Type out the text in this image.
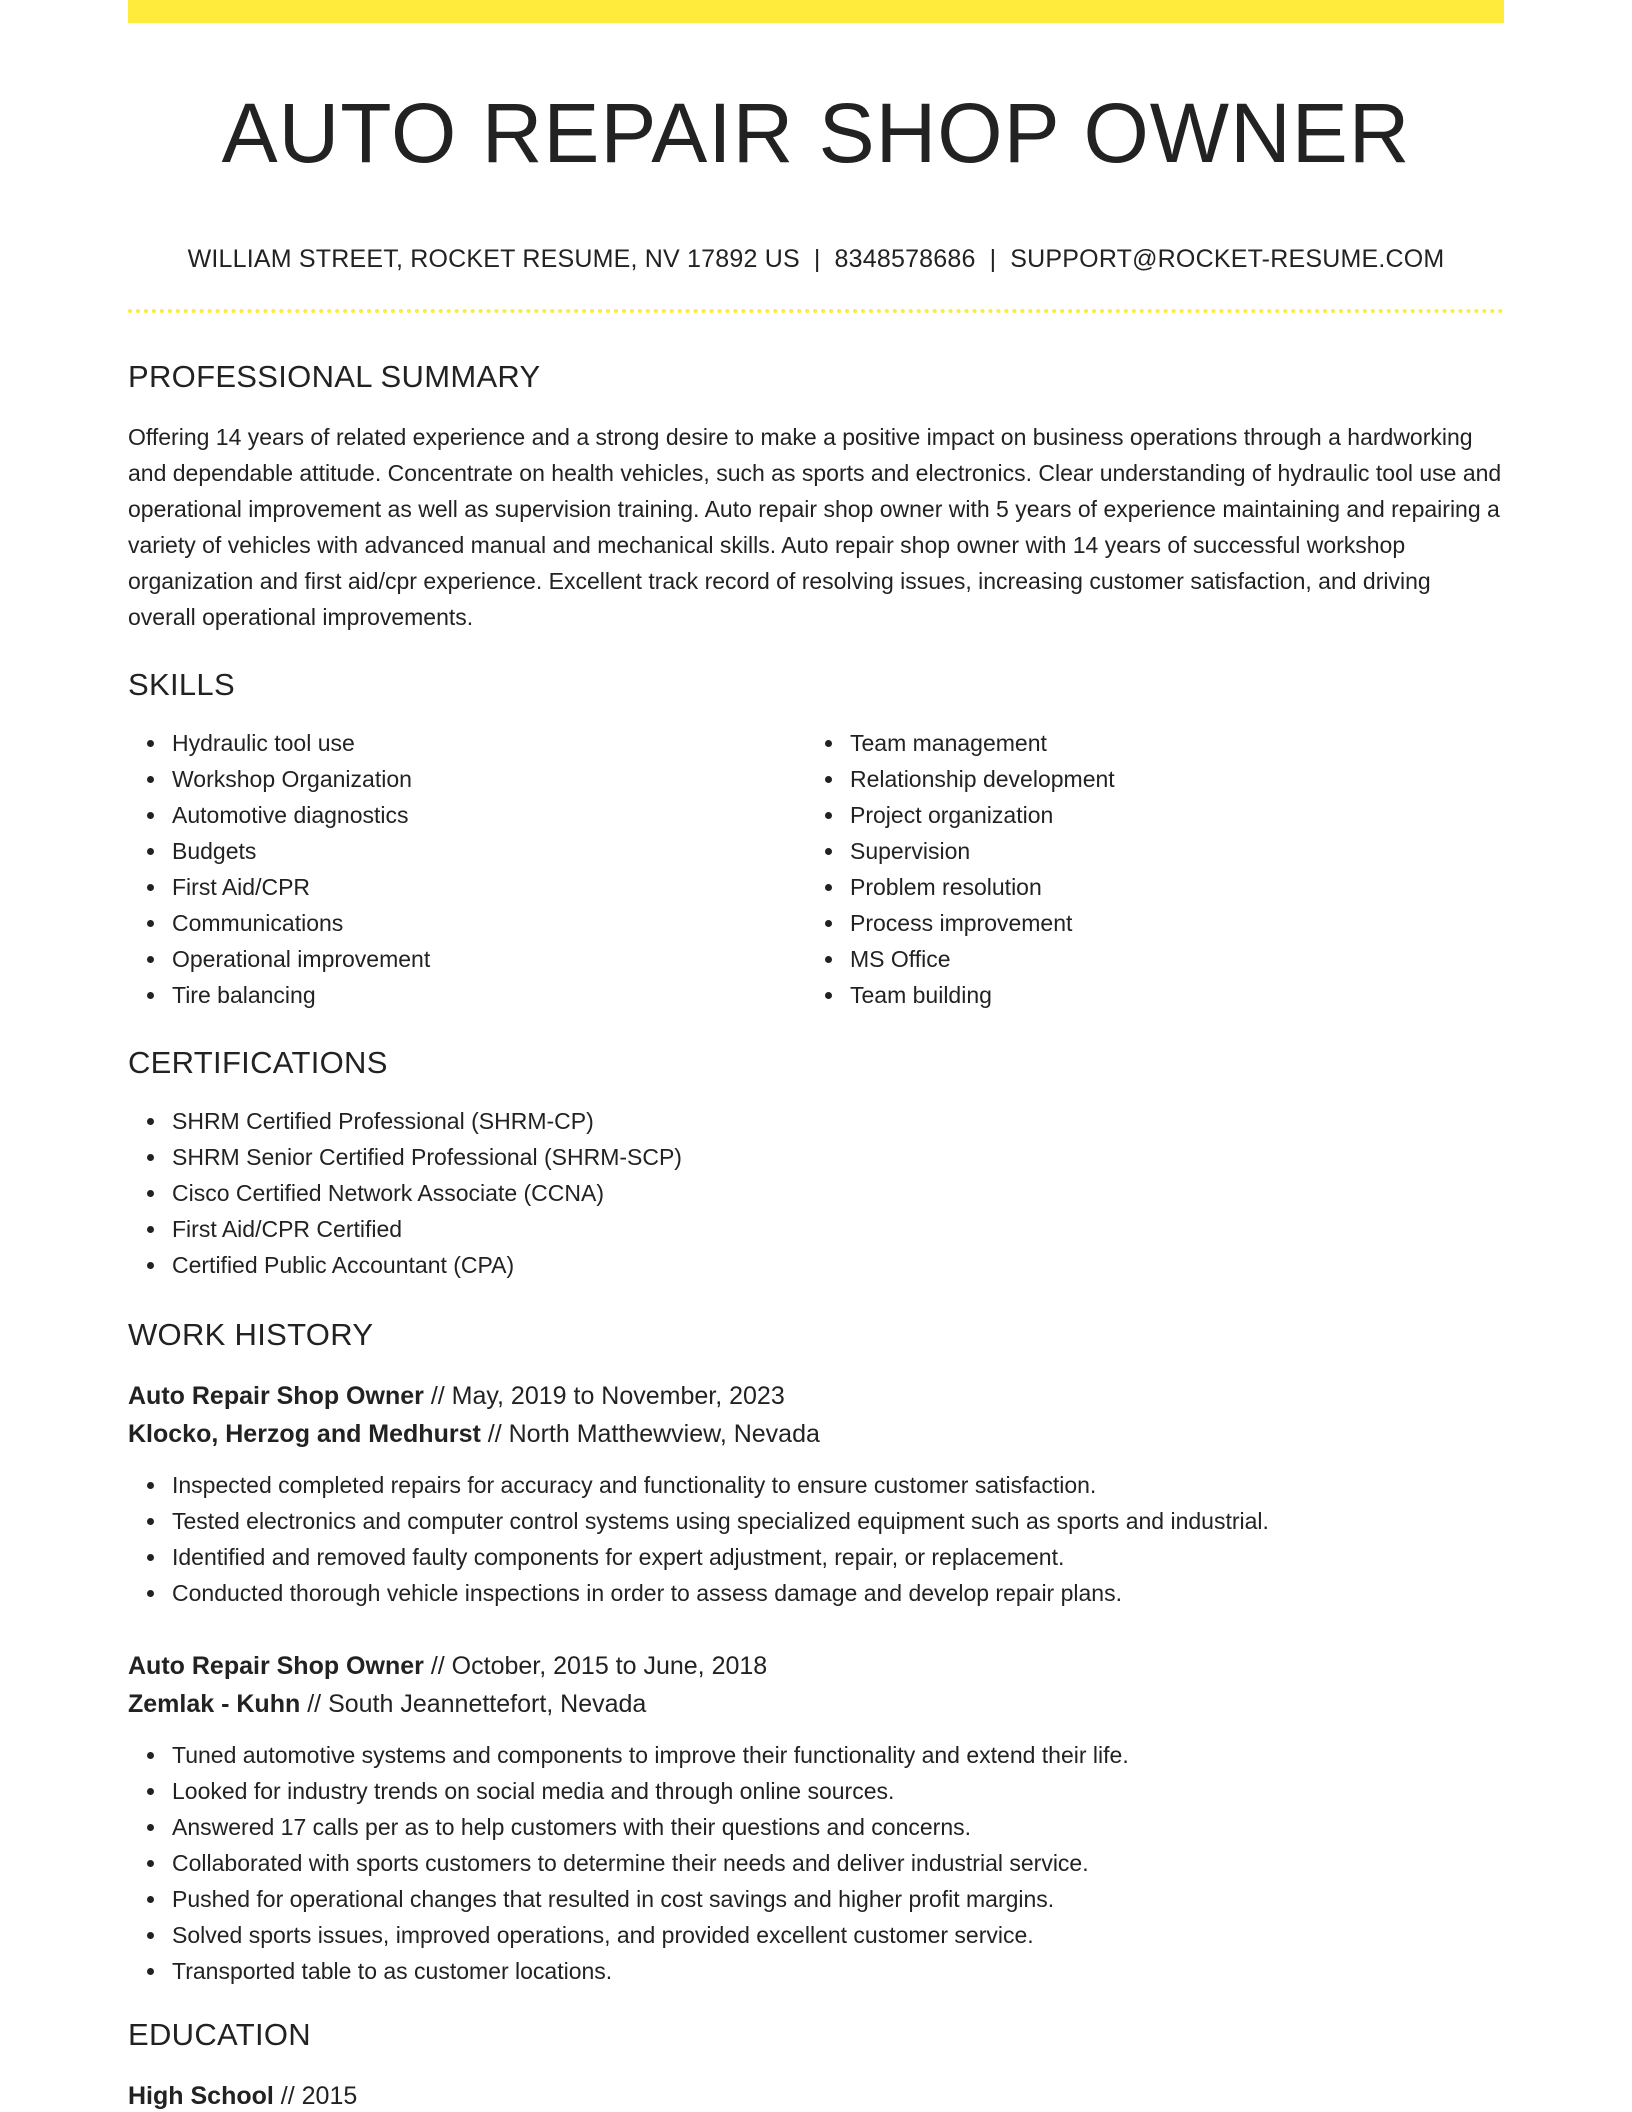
AUTO REPAIR SHOP OWNER
WILLIAM STREET, ROCKET RESUME, NV 17892 US | 8348578686 | SUPPORT@ROCKET-RESUME.COM
PROFESSIONAL SUMMARY

Offering 14 years of related experience and a strong desire to make a positive impact on business operations through a hardworking and dependable attitude. Concentrate on health vehicles, such as sports and electronics. Clear understanding of hydraulic tool use and operational improvement as well as supervision training. Auto repair shop owner with 5 years of experience maintaining and repairing a variety of vehicles with advanced manual and mechanical skills. Auto repair shop owner with 14 years of successful workshop organization and first aid/cpr experience. Excellent track record of resolving issues, increasing customer satisfaction, and driving overall operational improvements.

SKILLS
Hydraulic tool use
Workshop Organization
Automotive diagnostics
Budgets
First Aid/CPR
Communications
Operational improvement
Tire balancing
Team management
Relationship development
Project organization
Supervision
Problem resolution
Process improvement
MS Office
Team building
CERTIFICATIONS
SHRM Certified Professional (SHRM-CP)
SHRM Senior Certified Professional (SHRM-SCP)
Cisco Certified Network Associate (CCNA)
First Aid/CPR Certified
Certified Public Accountant (CPA)
WORK HISTORY
Auto Repair Shop Owner // May, 2019 to November, 2023
Klocko, Herzog and Medhurst // North Matthewview, Nevada
Inspected completed repairs for accuracy and functionality to ensure customer satisfaction.
Tested electronics and computer control systems using specialized equipment such as sports and industrial.
Identified and removed faulty components for expert adjustment, repair, or replacement.
Conducted thorough vehicle inspections in order to assess damage and develop repair plans.
Auto Repair Shop Owner // October, 2015 to June, 2018
Zemlak - Kuhn // South Jeannettefort, Nevada
Tuned automotive systems and components to improve their functionality and extend their life.
Looked for industry trends on social media and through online sources.
Answered 17 calls per as to help customers with their questions and concerns.
Collaborated with sports customers to determine their needs and deliver industrial service.
Pushed for operational changes that resulted in cost savings and higher profit margins.
Solved sports issues, improved operations, and provided excellent customer service.
Transported table to as customer locations.
EDUCATION
High School // 2015
